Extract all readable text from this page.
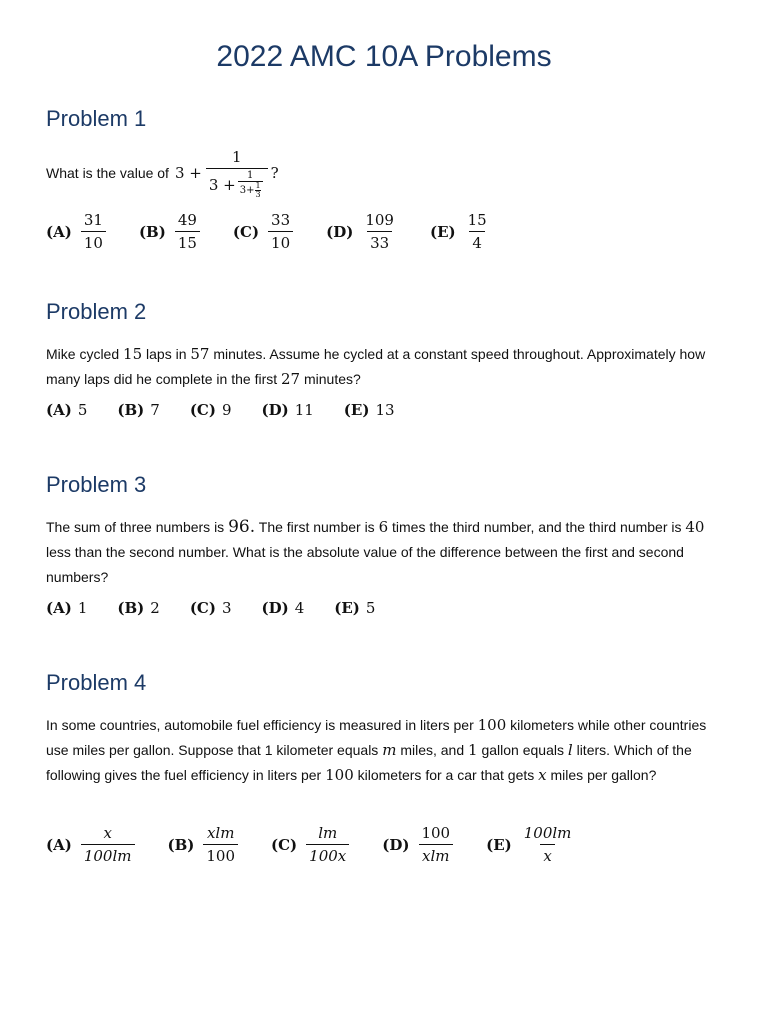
2022 AMC 10A Problems
Problem 1
What is the value of 3 +
1
$3 + \frac{1}{3+ \frac{1}{3}}$ ?
$(A) \frac{31}{10} (B) \frac{49}{15} (C) \frac{33}{10} (D) \frac{109}{33} (E) \frac{15}{4}$
Problem 2
Mike cycled 15 laps in 57 minutes. Assume he cycled at a constant speed throughout. Approximately how many laps did he complete in the first 27 minutes?
(A) 5 (B) 7 (C) 9 (D) 11 (E) 13
Problem 3
The sum of three numbers is 96. The first number is 6 times the third number, and the third number is 40 less than the second number. What is the absolute value of the difference between the first and second numbers?
(A) 1 (B) 2 (C) 3 (D) 4 (E) 5
Problem 4
In some countries, automobile fuel efficiency is measured in liters per 100 kilometers while other countries use miles per gallon. Suppose that 1 kilometer equals m miles, and 1 gallon equals l liters. Which of the following gives the fuel efficiency in liters per 100 kilometers for a car that gets x miles per gallon?
$(A) \frac{x}{100lm} (B) \frac{\text{xlm}}{100} (C) \frac{lm}{100x} (D) \frac{100}{\text{xlm}} (E) \frac{100lm}{x}$
